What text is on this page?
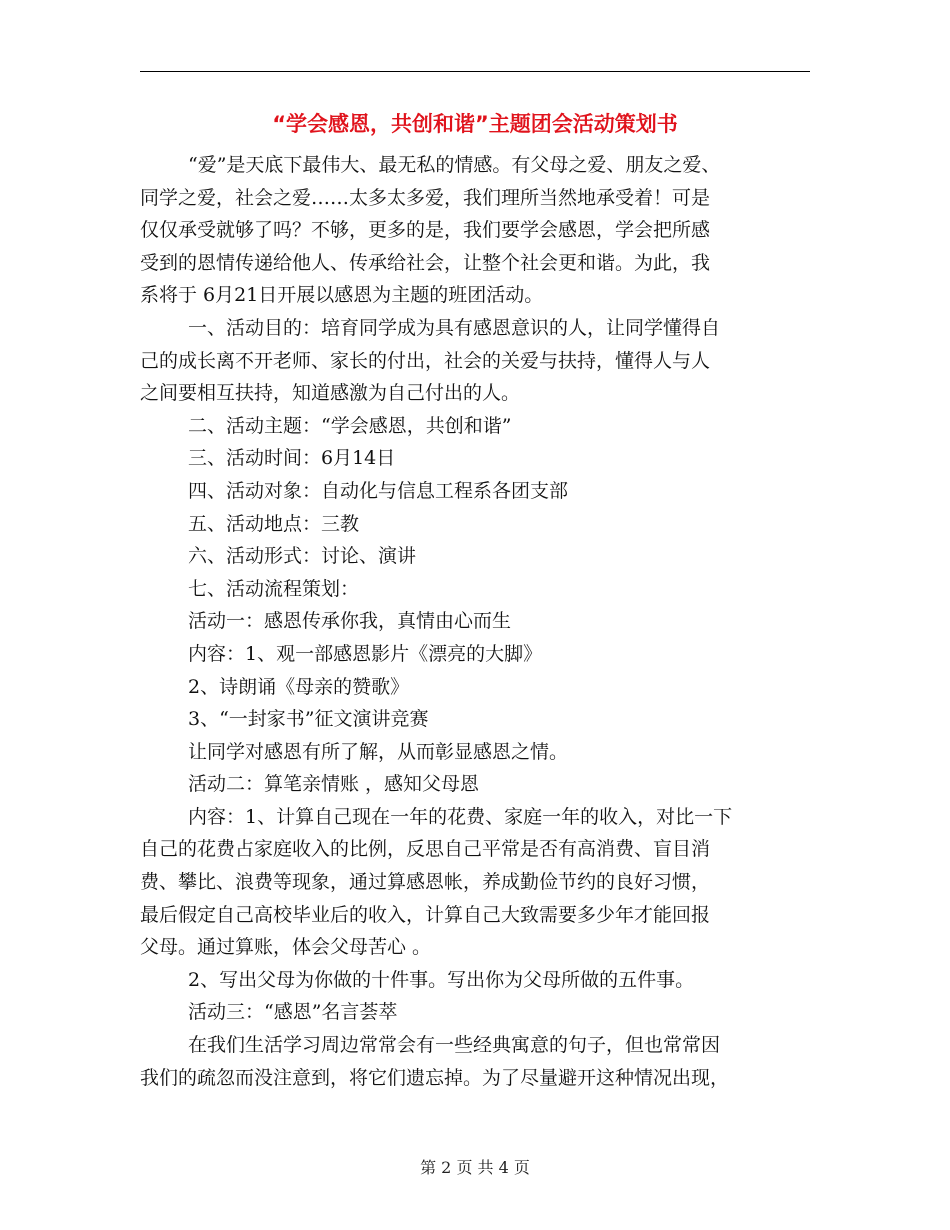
“学会感恩，共创和谐”主题团会活动策划书

“爱”是天底下最伟大、最无私的情感。有父母之爱、朋友之爱、
同学之爱，社会之爱……太多太多爱，我们理所当然地承受着！可是
仅仅承受就够了吗？不够，更多的是，我们要学会感恩，学会把所感
受到的恩情传递给他人、传承给社会，让整个社会更和谐。为此，我
系将于 6月21日开展以感恩为主题的班团活动。

一、活动目的：培育同学成为具有感恩意识的人，让同学懂得自
己的成长离不开老师、家长的付出，社会的关爱与扶持，懂得人与人
之间要相互扶持，知道感激为自己付出的人。

二、活动主题：“学会感恩，共创和谐”

三、活动时间：6月14日

四、活动对象：自动化与信息工程系各团支部

五、活动地点：三教

六、活动形式：讨论、演讲

七、活动流程策划：

活动一：感恩传承你我，真情由心而生
内容：1、观一部感恩影片《漂亮的大脚》
2、诗朗诵《母亲的赞歌》
3、“一封家书”征文演讲竞赛
让同学对感恩有所了解，从而彰显感恩之情。

活动二：算笔亲情账 ，感知父母恩
内容：1、计算自己现在一年的花费、家庭一年的收入，对比一下
自己的花费占家庭收入的比例，反思自己平常是否有高消费、盲目消
费、攀比、浪费等现象，通过算感恩帐，养成勤俭节约的良好习惯，
最后假定自己高校毕业后的收入，计算自己大致需要多少年才能回报
父母。通过算账，体会父母苦心 。
2、写出父母为你做的十件事。写出你为父母所做的五件事。

活动三：“感恩”名言荟萃
在我们生活学习周边常常会有一些经典寓意的句子，但也常常因
我们的疏忽而没注意到，将它们遗忘掉。为了尽量避开这种情况出现，

第 2 页 共 4 页
